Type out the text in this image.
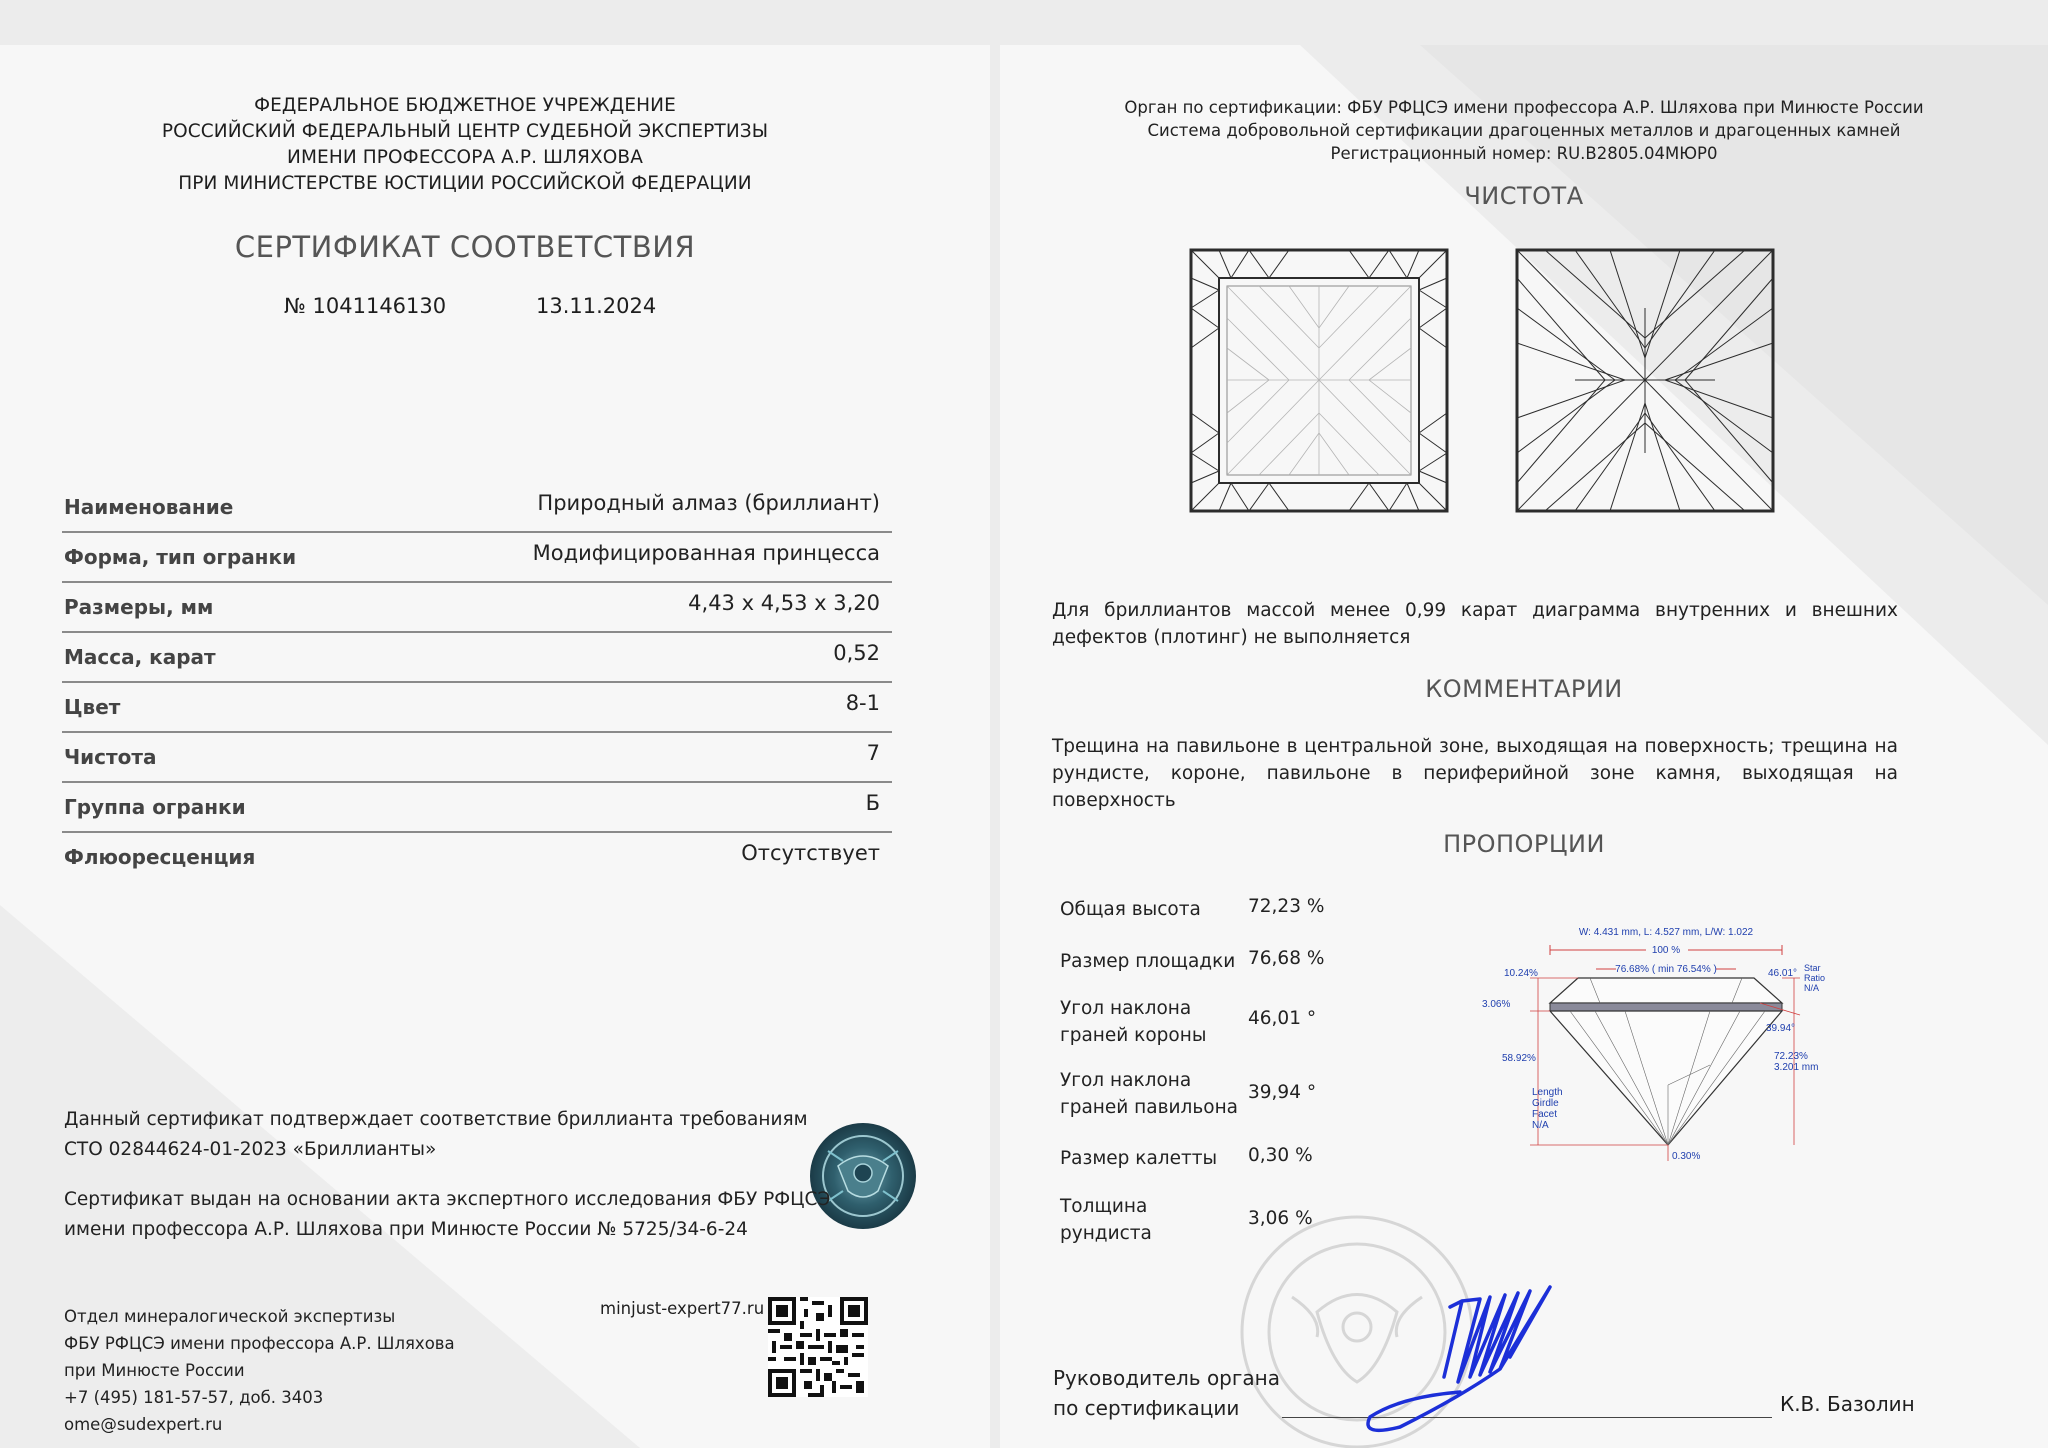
ФЕДЕРАЛЬНОЕ БЮДЖЕТНОЕ УЧРЕЖДЕНИЕ
РОССИЙСКИЙ ФЕДЕРАЛЬНЫЙ ЦЕНТР СУДЕБНОЙ ЭКСПЕРТИЗЫ
ИМЕНИ ПРОФЕССОРА А.Р. ШЛЯХОВА
ПРИ МИНИСТЕРСТВЕ ЮСТИЦИИ РОССИЙСКОЙ ФЕДЕРАЦИИ
СЕРТИФИКАТ СООТВЕТСТВИЯ
№ 1041146130	13.11.2024
Наименование	Природный алмаз (бриллиант)
Форма, тип огранки	Модифицированная принцесса
Размеры, мм	4,43 x 4,53 x 3,20
Масса, карат	0,52
Цвет	8-1
Чистота	7
Группа огранки	Б
Флюоресценция	Отсутствует
Данный сертификат подтверждает соответствие бриллианта требованиям
СТО 02844624-01-2023 «Бриллианты»
Сертификат выдан на основании акта экспертного исследования ФБУ РФЦСЭ
имени профессора А.Р. Шляхова при Минюсте России № 5725/34-6-24
Отдел минералогической экспертизы
ФБУ РФЦСЭ имени профессора А.Р. Шляхова
при Минюсте России
+7 (495) 181-57-57, доб. 3403
ome@sudexpert.ru
minjust-expert77.ru
Орган по сертификации: ФБУ РФЦСЭ имени профессора А.Р. Шляхова при Минюсте России
Система добровольной сертификации драгоценных металлов и драгоценных камней
Регистрационный номер: RU.B2805.04МЮР0
ЧИСТОТА
Для бриллиантов массой менее 0,99 карат диаграмма внутренних и внешних дефектов (плотинг) не выполняется
КОММЕНТАРИИ
Трещина на павильоне в центральной зоне, выходящая на поверхность; трещина на рундисте, короне, павильоне в периферийной зоне камня, выходящая на поверхность
ПРОПОРЦИИ
Общая высота	72,23 %
Размер площадки 76,68 %
Угол наклона
граней короны
46,01 °
Угол наклона
граней павильона
39,94 °
Размер калетты 0,30 %
Толщина
рундиста
3,06 %
W: 4.431 mm, L: 4.527 mm, L/W: 1.022
100 %
76.68% ( min 76.54% )
10.24%
3.06%
58.92%
Length
Girdle
Facet
N/A
46.01° Star
Ratio
N/A
39.94°
72.23%
3.201 mm
0.30%
Руководитель органа
по сертификации	К.В. Базолин
